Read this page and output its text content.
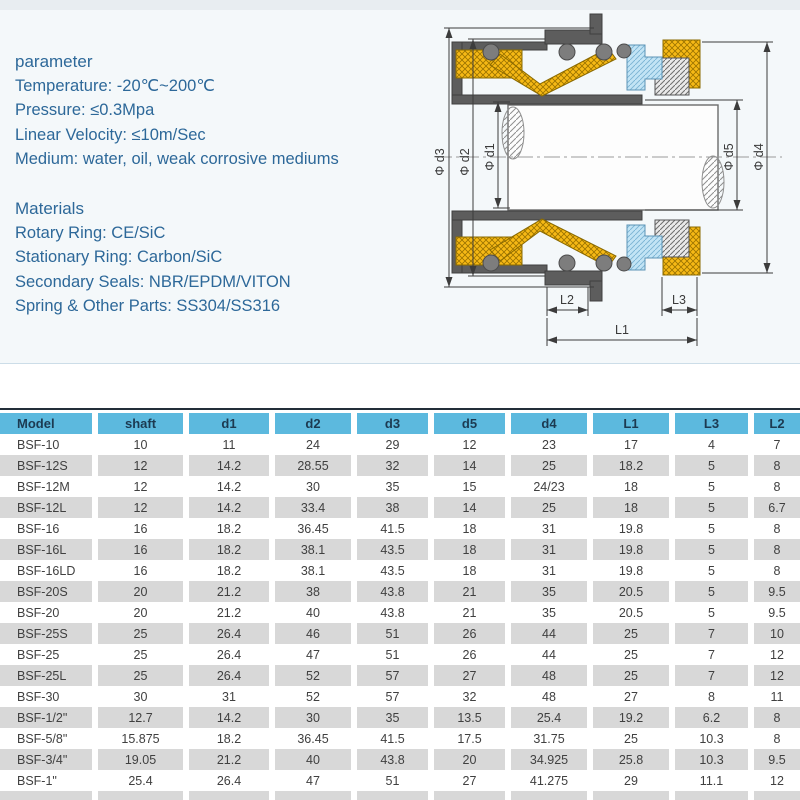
parameter
Temperature: -20℃~200℃
Pressure: ≤0.3Mpa
Linear Velocity: ≤10m/Sec
Medium: water, oil, weak corrosive mediums
Materials
Rotary Ring: CE/SiC
Stationary Ring: Carbon/SiC
Secondary Seals: NBR/EPDM/VITON
Spring & Other Parts: SS304/SS316
Φ d3 Φ d2 Φ d1	Φ d5 Φ d4
L2	L3
L1
Model	shaft	d1	d2	d3	d5	d4	L1	L3	L2
BSF-10	10	11	24	29	12	23	17	4	7
BSF-12S	12	14.2	28.55	32	14	25	18.2	5	8
BSF-12M	12	14.2	30	35	15	24/23	18	5	8
BSF-12L	12	14.2	33.4	38	14	25	18	5	6.7
BSF-16	16	18.2	36.45	41.5	18	31	19.8	5	8
BSF-16L	16	18.2	38.1	43.5	18	31	19.8	5	8
BSF-16LD	16	18.2	38.1	43.5	18	31	19.8	5	8
BSF-20S	20	21.2	38	43.8	21	35	20.5	5	9.5
BSF-20	20	21.2	40	43.8	21	35	20.5	5	9.5
BSF-25S	25	26.4	46	51	26	44	25	7	10
BSF-25	25	26.4	47	51	26	44	25	7	12
BSF-25L	25	26.4	52	57	27	48	25	7	12
BSF-30	30	31	52	57	32	48	27	8	11
BSF-1/2"	12.7	14.2	30	35	13.5	25.4	19.2	6.2	8
BSF-5/8"	15.875	18.2	36.45	41.5	17.5	31.75	25	10.3	8
BSF-3/4"	19.05	21.2	40	43.8	20	34.925	25.8	10.3	9.5
BSF-1"	25.4	26.4	47	51	27	41.275	29	11.1	12
